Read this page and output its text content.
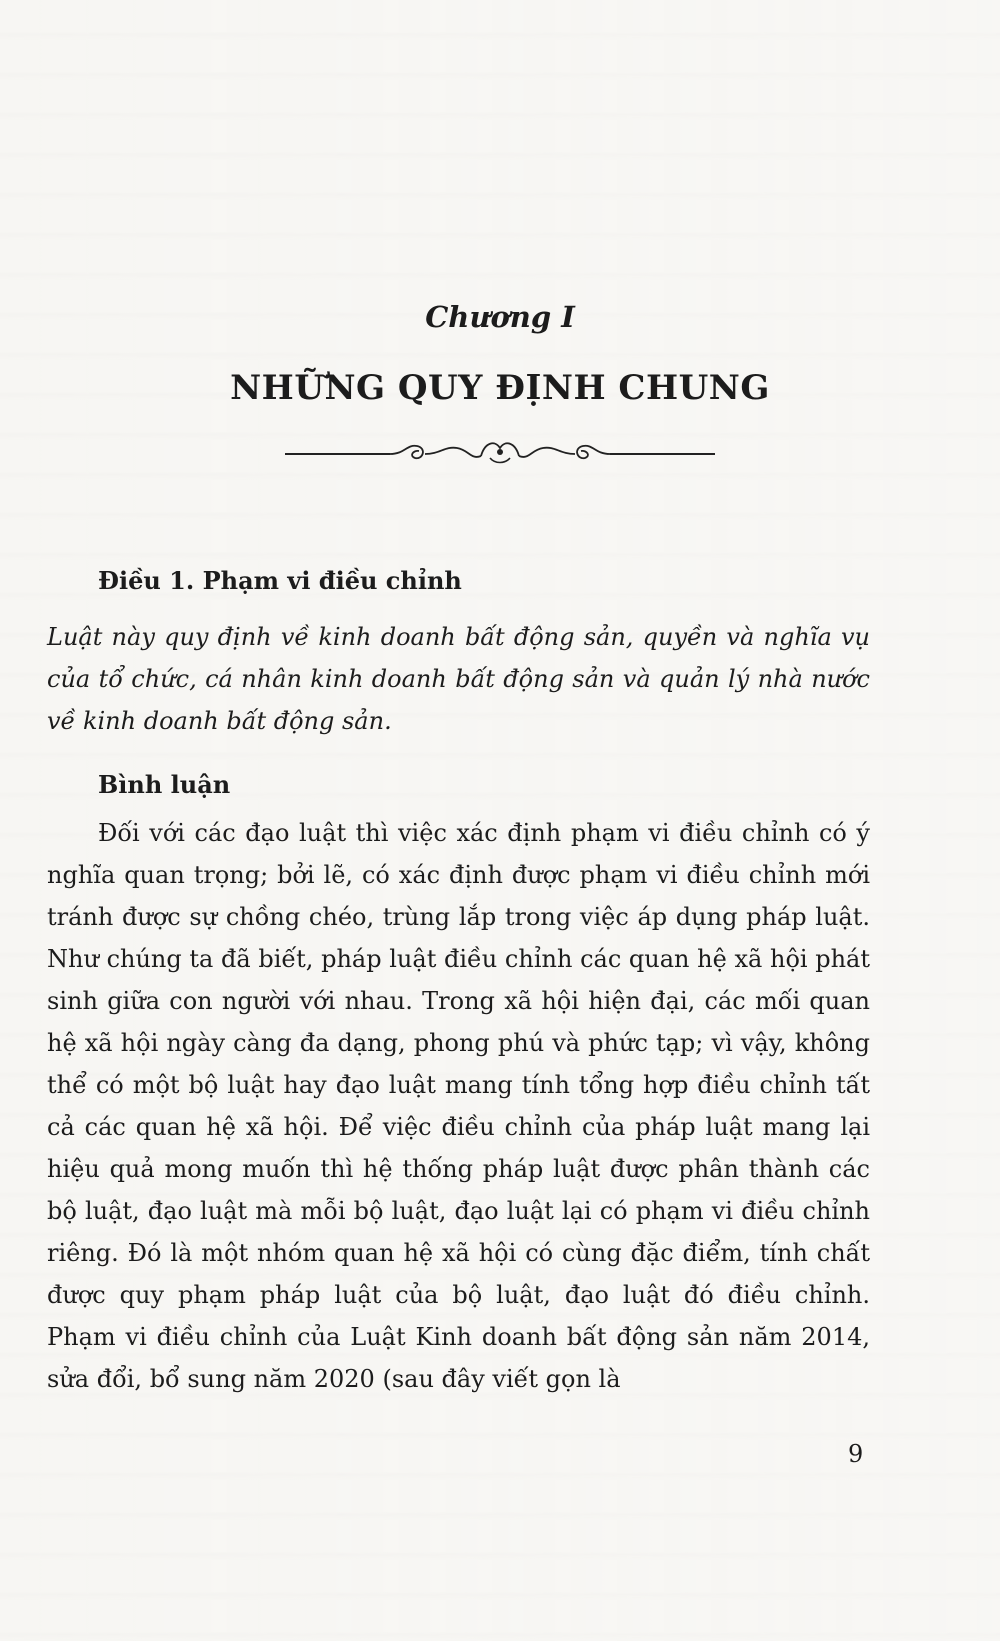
Chương I
NHỮNG QUY ĐỊNH CHUNG
Điều 1. Phạm vi điều chỉnh
Luật này quy định về kinh doanh bất động sản, quyền và nghĩa vụ của tổ chức, cá nhân kinh doanh bất động sản và quản lý nhà nước về kinh doanh bất động sản.
Bình luận
Đối với các đạo luật thì việc xác định phạm vi điều chỉnh có ý nghĩa quan trọng; bởi lẽ, có xác định được phạm vi điều chỉnh mới tránh được sự chồng chéo, trùng lắp trong việc áp dụng pháp luật. Như chúng ta đã biết, pháp luật điều chỉnh các quan hệ xã hội phát sinh giữa con người với nhau. Trong xã hội hiện đại, các mối quan hệ xã hội ngày càng đa dạng, phong phú và phức tạp; vì vậy, không thể có một bộ luật hay đạo luật mang tính tổng hợp điều chỉnh tất cả các quan hệ xã hội. Để việc điều chỉnh của pháp luật mang lại hiệu quả mong muốn thì hệ thống pháp luật được phân thành các bộ luật, đạo luật mà mỗi bộ luật, đạo luật lại có phạm vi điều chỉnh riêng. Đó là một nhóm quan hệ xã hội có cùng đặc điểm, tính chất được quy phạm pháp luật của bộ luật, đạo luật đó điều chỉnh. Phạm vi điều chỉnh của Luật Kinh doanh bất động sản năm 2014, sửa đổi, bổ sung năm 2020 (sau đây viết gọn là
9
